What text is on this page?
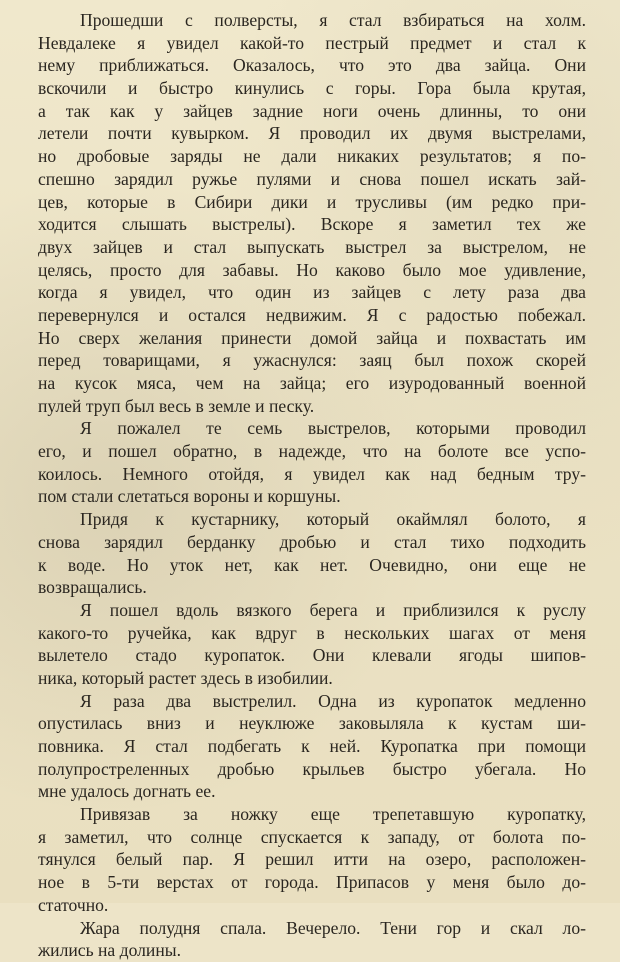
Прошедши с полверсты, я стал взбираться на холм.
Невдалеке я увидел какой-то пестрый предмет и стал к
нему приближаться. Оказалось, что это два зайца. Они
вскочили и быстро кинулись с горы. Гора была крутая,
а так как у зайцев задние ноги очень длинны, то они
летели почти кувырком. Я проводил их двумя выстрелами,
но дробовые заряды не дали никаких результатов; я по-
спешно зарядил ружье пулями и снова пошел искать зай-
цев, которые в Сибири дики и трусливы (им редко при-
ходится слышать выстрелы). Вскоре я заметил тех же
двух зайцев и стал выпускать выстрел за выстрелом, не
целясь, просто для забавы. Но каково было мое удивление,
когда я увидел, что один из зайцев с лету раза два
перевернулся и остался недвижим. Я с радостью побежал.
Но сверх желания принести домой зайца и похвастать им
перед товарищами, я ужаснулся: заяц был похож скорей
на кусок мяса, чем на зайца; его изуродованный военной
пулей труп был весь в земле и песку.
Я пожалел те семь выстрелов, которыми проводил
его, и пошел обратно, в надежде, что на болоте все успо-
коилось. Немного отойдя, я увидел как над бедным тру-
пом стали слетаться вороны и коршуны.
Придя к кустарнику, который окаймлял болото, я
снова зарядил берданку дробью и стал тихо подходить
к воде. Но уток нет, как нет. Очевидно, они еще не
возвращались.
Я пошел вдоль вязкого берега и приблизился к руслу
какого-то ручейка, как вдруг в нескольких шагах от меня
вылетело стадо куропаток. Они клевали ягоды шипов-
ника, который растет здесь в изобилии.
Я раза два выстрелил. Одна из куропаток медленно
опустилась вниз и неуклюже заковыляла к кустам ши-
повника. Я стал подбегать к ней. Куропатка при помощи
полупростреленных дробью крыльев быстро убегала. Но
мне удалось догнать ее.
Привязав за ножку еще трепетавшую куропатку,
я заметил, что солнце спускается к западу, от болота по-
тянулся белый пар. Я решил итти на озеро, расположен-
ное в 5-ти верстах от города. Припасов у меня было до-
статочно.
Жара полудня спала. Вечерело. Тени гор и скал ло-
жились на долины.
